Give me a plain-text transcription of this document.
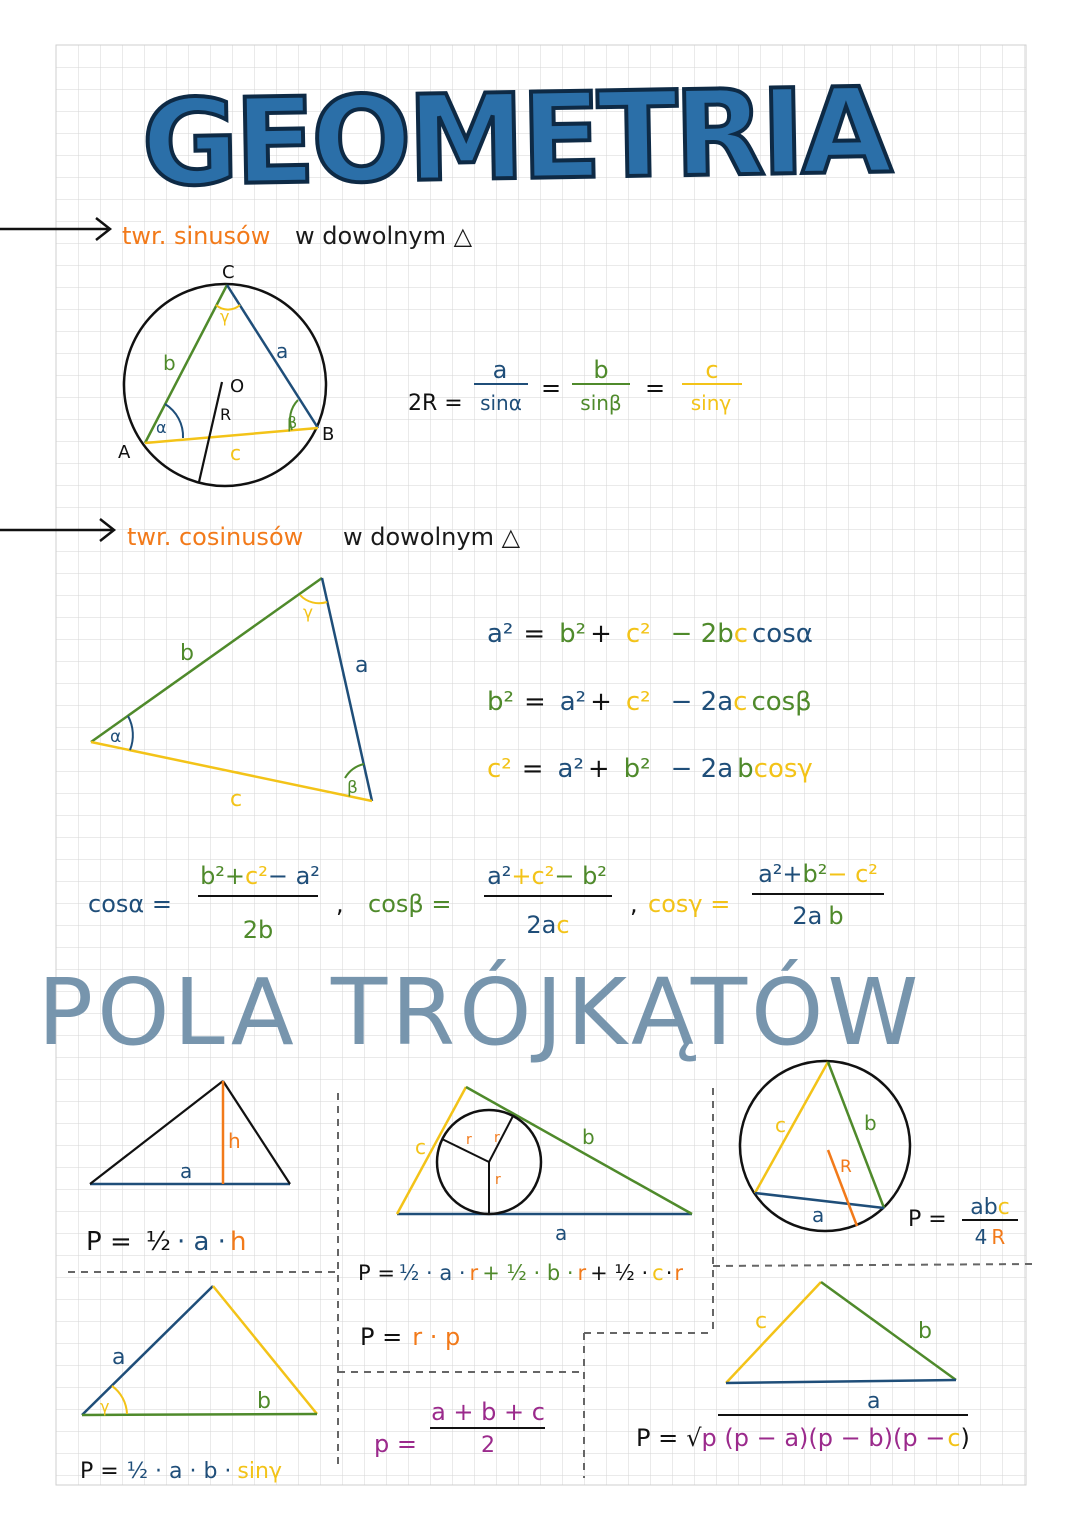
GEOMETRIA
twr. sinusów w dowolnym △
C
A
B
O
R
a
b
c
α	β
γ
2R =
a
sinα
=
b
sinβ
=
c
sinγ
twr. cosinusów w dowolnym △
b	a
c
α
β
γ
a² = b² + c² − 2bc cosα
b² = a² + c² − 2ac cosβ
c² = a² + b² − 2a bcosγ
cosα =
b²+c²− a²
2b
, cosβ =
a²+c²− b²
2ac
, cosγ =
a²+b²− c²
2a b
POLA TRÓJKĄTÓW
h
a
P = ½ · a · h
r
r r
c	b
a
P = ½ · a · r + ½ · b · r + ½ · c·r
P = r · p
c	b
R
a	P = abc
4 R
γ
a
b
P = ½ · a · b · sinγ
p =
a + b + c
2
c	b
a
P = √p (p − a)(p − b)(p −c)
